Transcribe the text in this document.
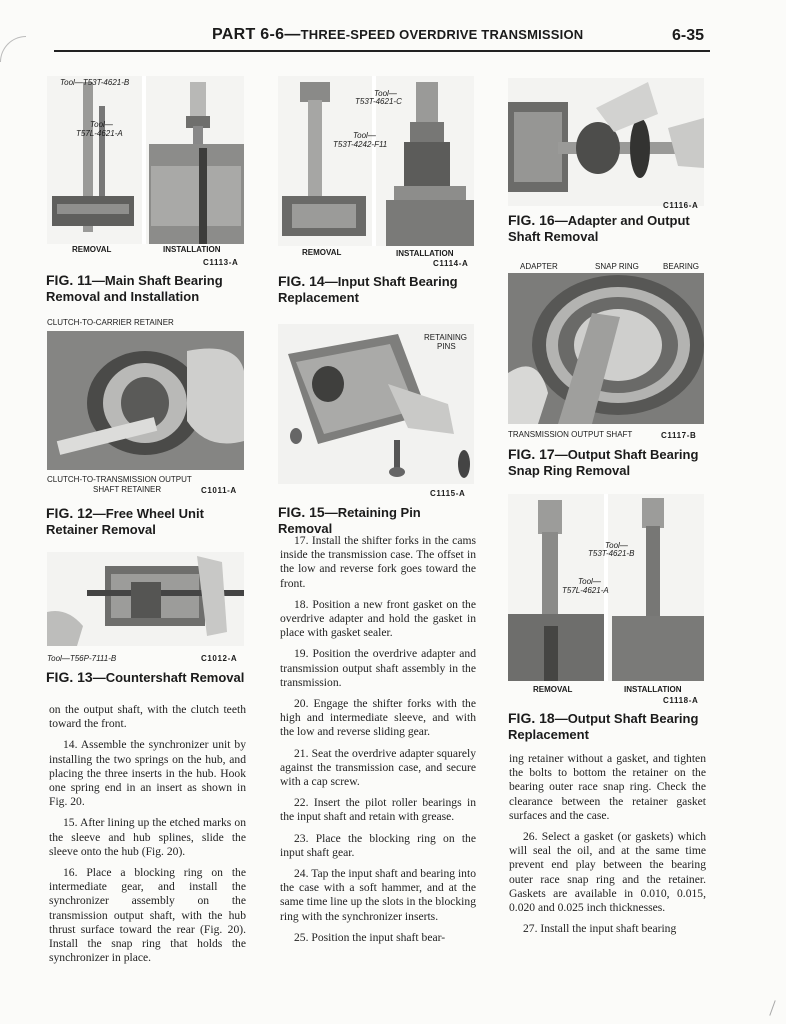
PART 6-6—THREE-SPEED OVERDRIVE TRANSMISSION	6-35
Tool—T53T-4621-B
Tool—
T57L-4621-A
REMOVAL	INSTALLATION
C1113-A
FIG. 11—Main Shaft Bearing Removal and Installation
CLUTCH-TO-CARRIER RETAINER
CLUTCH-TO-TRANSMISSION OUTPUT
SHAFT RETAINER	C1011-A
FIG. 12—Free Wheel Unit Retainer Removal
Tool—T56P-7111-B	C1012-A
FIG. 13—Countershaft Removal
Tool—
T53T-4621-C
Tool—
T53T-4242-F11
REMOVAL	INSTALLATION
C1114-A
FIG. 14—Input Shaft Bearing Replacement
RETAINING
PINS
C1115-A
FIG. 15—Retaining Pin Removal
C1116-A
FIG. 16—Adapter and Output Shaft Removal
ADAPTER	SNAP RING	BEARING
TRANSMISSION OUTPUT SHAFT	C1117-B
FIG. 17—Output Shaft Bearing Snap Ring Removal
Tool—
T53T-4621-B
Tool—
T57L-4621-A
REMOVAL	INSTALLATION
C1118-A
FIG. 18—Output Shaft Bearing Replacement

on the output shaft, with the clutch teeth toward the front.

14. Assemble the synchronizer unit by installing the two springs on the hub, and placing the three inserts in the hub. Hook one spring end in an insert as shown in Fig. 20.

15. After lining up the etched marks on the sleeve and hub splines, slide the sleeve onto the hub (Fig. 20).

16. Place a blocking ring on the intermediate gear, and install the synchronizer assembly on the transmission output shaft, with the hub thrust surface toward the rear (Fig. 20). Install the snap ring that holds the synchronizer in place.

17. Install the shifter forks in the cams inside the transmission case. The offset in the low and reverse fork goes toward the front.

18. Position a new front gasket on the overdrive adapter and hold the gasket in place with gasket sealer.

19. Position the overdrive adapter and transmission output shaft assembly in the transmission.

20. Engage the shifter forks with the high and intermediate sleeve, and with the low and reverse sliding gear.

21. Seat the overdrive adapter squarely against the transmission case, and secure with a cap screw.

22. Insert the pilot roller bearings in the input shaft and retain with grease.

23. Place the blocking ring on the input shaft gear.

24. Tap the input shaft and bearing into the case with a soft hammer, and at the same time line up the slots in the blocking ring with the synchronizer inserts.

25. Position the input shaft bear-

ing retainer without a gasket, and tighten the bolts to bottom the retainer on the bearing outer race snap ring. Check the clearance between the retainer gasket surfaces and the case.

26. Select a gasket (or gaskets) which will seal the oil, and at the same time prevent end play between the bearing outer race snap ring and the retainer. Gaskets are available in 0.010, 0.015, 0.020 and 0.025 inch thicknesses.

27. Install the input shaft bearing
